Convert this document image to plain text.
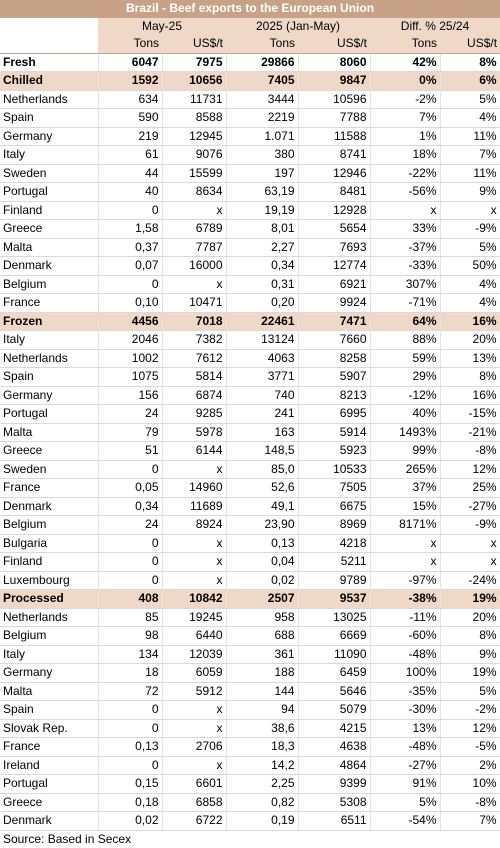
Brazil - Beef exports to the European Union						
	May-25		2025 (Jan-May)		Diff. % 25/24	
	Tons	US$/t	Tons	US$/t	Tons	US$/t
Fresh	6047	7975	29866	8060	42%	8%
Chilled	1592	10656	7405	9847	0%	6%
Netherlands	634	11731	3444	10596	-2%	5%
Spain	590	8588	2219	7788	7%	4%
Germany	219	12945	1.071	11588	1%	11%
Italy	61	9076	380	8741	18%	7%
Sweden	44	15599	197	12946	-22%	11%
Portugal	40	8634	63,19	8481	-56%	9%
Finland	0	x	19,19	12928	x	x
Greece	1,58	6789	8,01	5654	33%	-9%
Malta	0,37	7787	2,27	7693	-37%	5%
Denmark	0,07	16000	0,34	12774	-33%	50%
Belgium	0	x	0,31	6921	307%	4%
France	0,10	10471	0,20	9924	-71%	4%
Frozen	4456	7018	22461	7471	64%	16%
Italy	2046	7382	13124	7660	88%	20%
Netherlands	1002	7612	4063	8258	59%	13%
Spain	1075	5814	3771	5907	29%	8%
Germany	156	6874	740	8213	-12%	16%
Portugal	24	9285	241	6995	40%	-15%
Malta	79	5978	163	5914	1493%	-21%
Greece	51	6144	148,5	5923	99%	-8%
Sweden	0	x	85,0	10533	265%	12%
France	0,05	14960	52,6	7505	37%	25%
Denmark	0,34	11689	49,1	6675	15%	-27%
Belgium	24	8924	23,90	8969	8171%	-9%
Bulgaria	0	x	0,13	4218	x	x
Finland	0	x	0,04	5211	x	x
Luxembourg	0	x	0,02	9789	-97%	-24%
Processed	408	10842	2507	9537	-38%	19%
Netherlands	85	19245	958	13025	-11%	20%
Belgium	98	6440	688	6669	-60%	8%
Italy	134	12039	361	11090	-48%	9%
Germany	18	6059	188	6459	100%	19%
Malta	72	5912	144	5646	-35%	5%
Spain	0	x	94	5079	-30%	-2%
Slovak Rep.	0	x	38,6	4215	13%	12%
France	0,13	2706	18,3	4638	-48%	-5%
Ireland	0	x	14,2	4864	-27%	2%
Portugal	0,15	6601	2,25	9399	91%	10%
Greece	0,18	6858	0,82	5308	5%	-8%
Denmark	0,02	6722	0,19	6511	-54%	7%
Source: Based in Secex						
